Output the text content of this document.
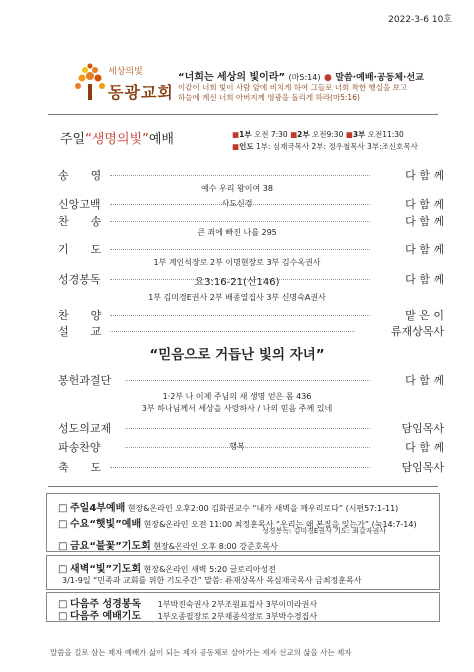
2022-3-6 10호
세상의빛
동광교회
“너희는 세상의 빛이라” (마5:14) ● 말씀·예배·공동체·선교
이같이 너희 빛이 사람 앞에 비치게 하여 그들로 너희 착한 행실을 보고
하늘에 계신 너희 아버지께 영광을 돌리게 하라(마5:16)
주일“생명의빛”예배	■1부 오전 7:30 ■2부 오전9:30 ■3부 오전11:30
■인도 1부: 심재국목사 2부: 정우철목사 3부:조신호목사
송　　영	다 함 께
예수 우리 왕이여 38
신앙고백	사도신경	다 함 께
찬　　송	다 함 께
큰 죄에 빠진 나를 295
기　　도	다 함 께
1부 계인석장로 2부 이명현장로 3부 김수옥권사
성경봉독	요3:16-21(신146)	다 함 께
1부 김미경E권사 2부 배종열집사 3부 신명숙A권사
찬　　양	맡 은 이
설　　교	류재상목사
“믿음으로 거듭난 빛의 자녀”
봉헌과결단	다 함 께
1·2부 나 이제 주님의 새 생명 얻은 몸 436
3부 하나님께서 세상을 사랑하사 / 나의 믿음 주께 있네
성도의교제	담임목사
파송찬양	행복	다 함 께
축　　도	담임목사
□ 주일4부예배 현장&온라인 오후2:00 김화권교수 “내가 새벽을 깨우리로다” (시편57:1-11)
□ 수요“햇빛”예배 현장&온라인 오전 11:00 최정훈목사 “우리는 왜 본질을 잊는가” (눅14:7-14)
성경봉독: 김미경E권사 기도: 최갈자권사
□ 금요“불꽃”기도회 현장&온라인 오후 8:00 강준호목사
□ 새벽“빛”기도회 현장&온라인 새벽 5:20 글로리아성전
3/1-9일 “민족과 교회를 위한 기도주간” 말씀: 류재상목사 목심재국목사 금최정훈목사
□ 다음주 성경봉독 1부박진숙권사 2부조원표집사 3부이미라권사
□ 다음주 예배기도 1부오종필장로 2부채종석장로 3부박수경집사
말씀을 길로 삼는 제자 예배가 삶이 되는 제자 공동체로 살아가는 제자 선교의 삶을 사는 제자
